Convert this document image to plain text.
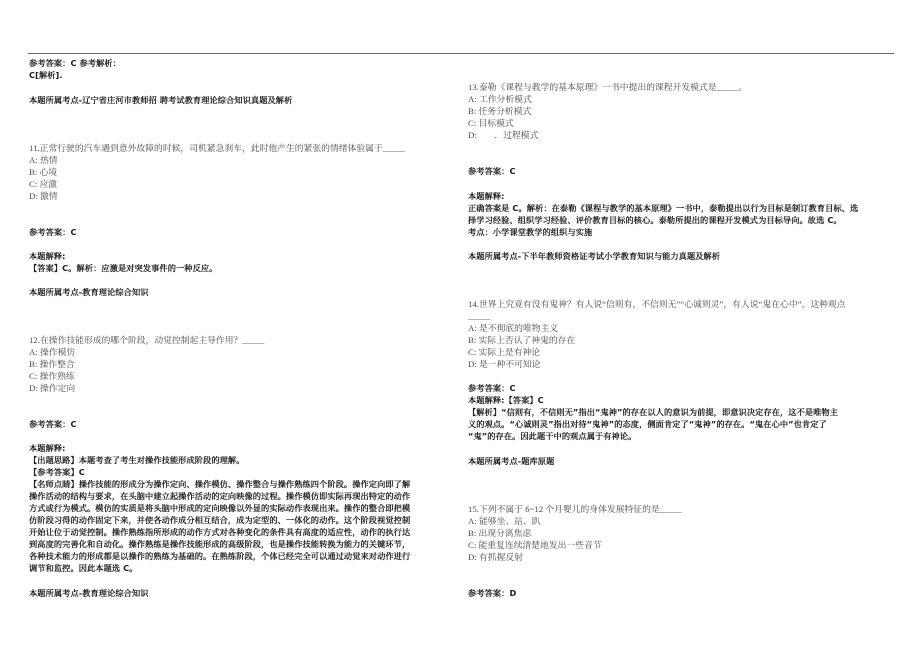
参考答案：C 参考解析：
C[解析].
本题所属考点-辽宁省庄河市教师招 聘考试教育理论综合知识真题及解析
11.正常行驶的汽车遇到意外故障的时候，司机紧急刹车，此时他产生的紧张的情绪体验属于_____
A: 热情
B: 心境
C: 应激
D: 激情
参考答案：C
本题解释:
【答案】C。解析：应激是对突发事件的一种反应。
本题所属考点-教育理论综合知识
12.在操作技能形成的哪个阶段，动觉控制起主导作用？_____
A: 操作模仿
B: 操作整合
C: 操作熟练
D: 操作定向
参考答案：C
本题解释:
【出题思路】本题考查了考生对操作技能形成阶段的理解。
【参考答案】C
【名师点睛】操作技能的形成分为操作定向、操作模仿、操作整合与操作熟练四个阶段。操作定向即了解
操作活动的结构与要求，在头脑中建立起操作活动的定向映像的过程。操作模仿即实际再现出特定的动作
方式或行为模式。模仿的实质是将头脑中形成的定向映像以外显的实际动作表现出来。操作的整合即把模
仿阶段习得的动作固定下来，并使各动作成分相互结合，成为定型的、一体化的动作。这个阶段视觉控制
开始让位于动觉控制。操作熟练指所形成的动作方式对各种变化的条件具有高度的适应性，动作的执行达
到高度的完善化和自动化。操作熟练是操作技能形成的高级阶段，也是操作技能转换为能力的关键环节，
各种技术能力的形成都是以操作的熟练为基础的。在熟练阶段，个体已经完全可以通过动觉来对动作进行
调节和监控。因此本题选 C。
本题所属考点-教育理论综合知识
13.泰勒《课程与教学的基本原理》一书中提出的课程开发模式是_____。
A: 工作分析模式
B: 任务分析模式
C: 目标模式
D:　　．过程模式
参考答案：C
本题解释:
正确答案是 C。解析：在泰勒《课程与教学的基本原理》一书中，泰勒提出以行为目标是制订教育目标、选
择学习经验、组织学习经验、评价教育目标的核心。泰勒所提出的课程开发模式为目标导向。故选 C。
考点：小学课堂教学的组织与实施
本题所属考点-下半年教师资格证考试小学教育知识与能力真题及解析
14.世界上究竟有没有鬼神？有人说“信则有，不信则无”“心诚则灵”，有人说“鬼在心中”。这种观点
_____
A: 是不彻底的唯物主义
B: 实际上否认了神鬼的存在
C: 实际上是有神论
D: 是一种不可知论
参考答案：C
本题解释:【答案】C
【解析】“信则有，不信则无”指出“鬼神”的存在以人的意识为前提，即意识决定存在，这不是唯物主
义的观点。“心诚则灵”指出对待“鬼神”的态度，侧面肯定了“鬼神”的存在。“鬼在心中”也肯定了
“鬼”的存在。因此题干中的观点属于有神论。
本题所属考点-题库原题
15.下列不属于 6~12 个月婴儿的身体发展特征的是_____
A: 能够坐、站、趴
B: 出现分离焦虑
C: 能重复连续清楚地发出一些音节
D: 有抓握反射
参考答案：D
